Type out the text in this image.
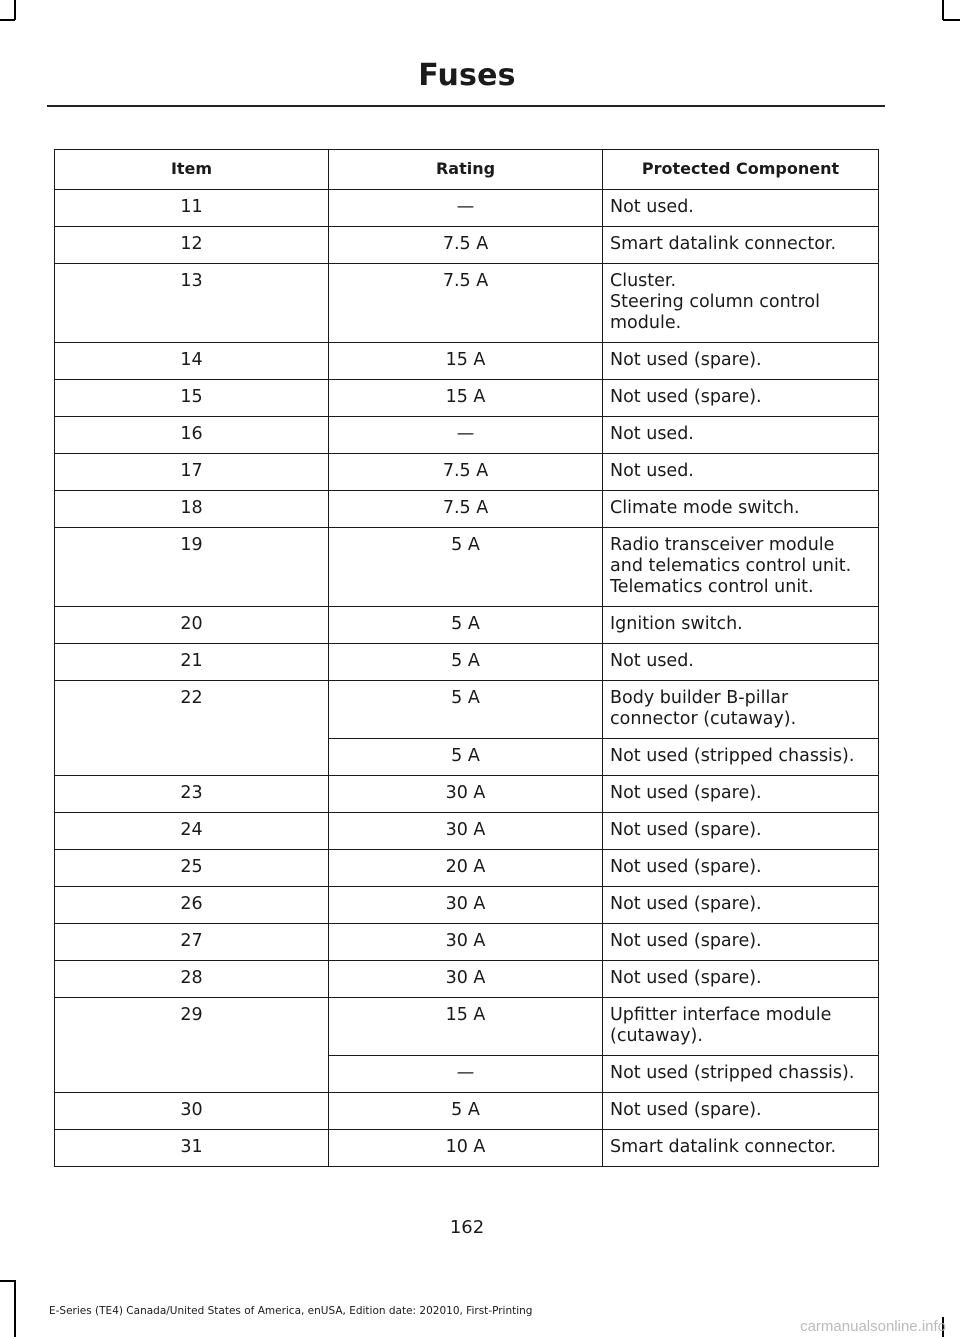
Fuses
Item	Rating	Protected Component
11	—	Not used.
12	7.5 A	Smart datalink connector.
13	7.5 A	Cluster.
Steering column control
module.
14	15 A	Not used (spare).
15	15 A	Not used (spare).
16	—	Not used.
17	7.5 A	Not used.
18	7.5 A	Climate mode switch.
19	5 A	Radio transceiver module
and telematics control unit.
Telematics control unit.
20	5 A	Ignition switch.
21	5 A	Not used.
22	5 A	Body builder B-pillar
connector (cutaway).
	5 A	Not used (stripped chassis).
23	30 A	Not used (spare).
24	30 A	Not used (spare).
25	20 A	Not used (spare).
26	30 A	Not used (spare).
27	30 A	Not used (spare).
28	30 A	Not used (spare).
29	15 A	Upfitter interface module
(cutaway).
	—	Not used (stripped chassis).
30	5 A	Not used (spare).
31	10 A	Smart datalink connector.
162
E-Series (TE4) Canada/United States of America, enUSA, Edition date: 202010, First-Printing
carmanualsonline.info
